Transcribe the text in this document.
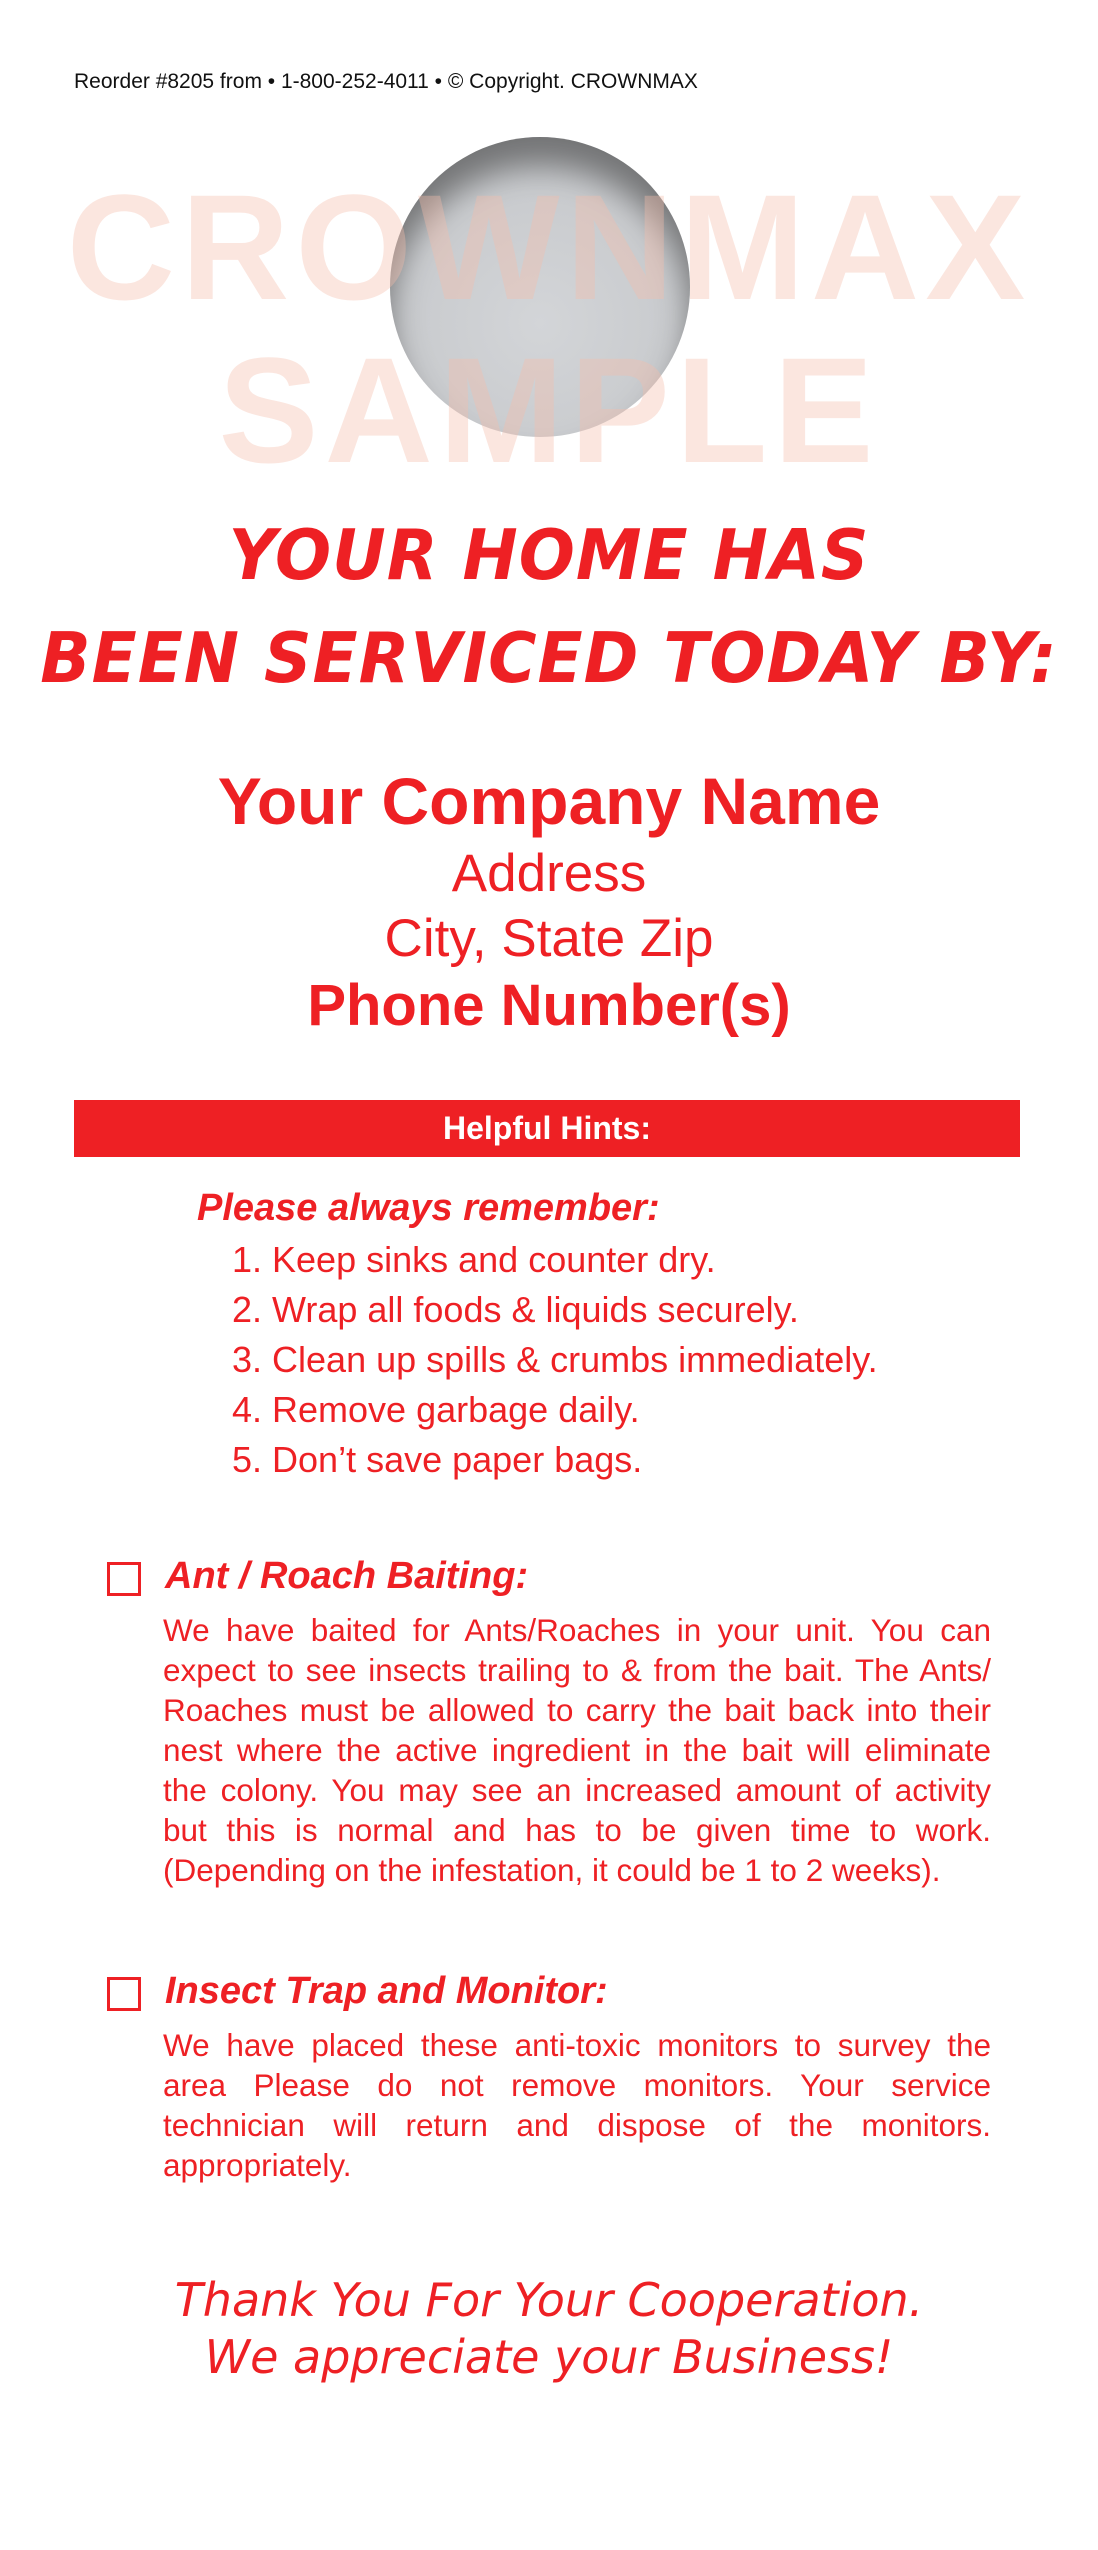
Reorder #8205 from • 1-800-252-4011 • © Copyright. CROWNMAX
CROWNMAX
SAMPLE
YOUR HOME HAS
BEEN SERVICED TODAY BY:
Your Company Name
Address
City, State Zip
Phone Number(s)
Helpful Hints:
Please always remember:
1. Keep sinks and counter dry.
2. Wrap all foods & liquids securely.
3. Clean up spills & crumbs immediately.
4. Remove garbage daily.
5. Don’t save paper bags.
Ant / Roach Baiting:
We have baited for Ants/Roaches in your unit. You can expect to see insects trailing to & from the bait. The Ants/ Roaches must be allowed to carry the bait back into their nest where the active ingredient in the bait will eliminate the colony. You may see an increased amount of activity but this is normal and has to be given time to work. (Depending on the infestation, it could be 1 to 2 weeks).
Insect Trap and Monitor:
We have placed these anti-toxic monitors to survey the area Please do not remove monitors. Your service technician will return and dispose of the monitors. appropriately.
Thank You For Your Cooperation.
We appreciate your Business!
